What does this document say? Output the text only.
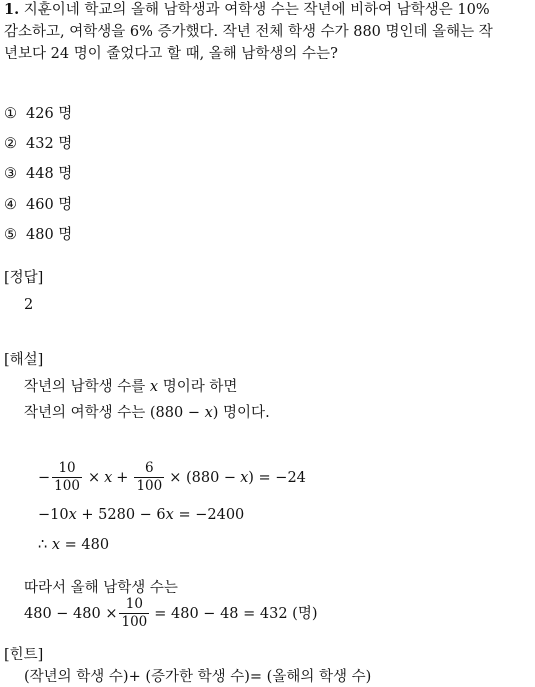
1. 지훈이네 학교의 올해 남학생과 여학생 수는 작년에 비하여 남학생은 10%
감소하고, 여학생을 6% 증가했다. 작년 전체 학생 수가 880 명인데 올해는 작
년보다 24 명이 줄었다고 할 때, 올해 남학생의 수는?
① 426 명
② 432 명
③ 448 명
④ 460 명
⑤ 480 명
[정답]
2
[해설]
작년의 남학생 수를 x 명이라 하면
작년의 여학생 수는 (880 − x) 명이다.
− $\frac{10}{100} \times x + \frac{6}{100} \times (880 - x$ ) = −24
−10x + 5280 − 6x = −2400
∴ x = 480
따라서 올해 남학생 수는
$480 - 480 \times \frac{10}{100} = 480 - 48 = 432$ (명)
[힌트]
(작년의 학생 수)+ (증가한 학생 수)= (올해의 학생 수)
